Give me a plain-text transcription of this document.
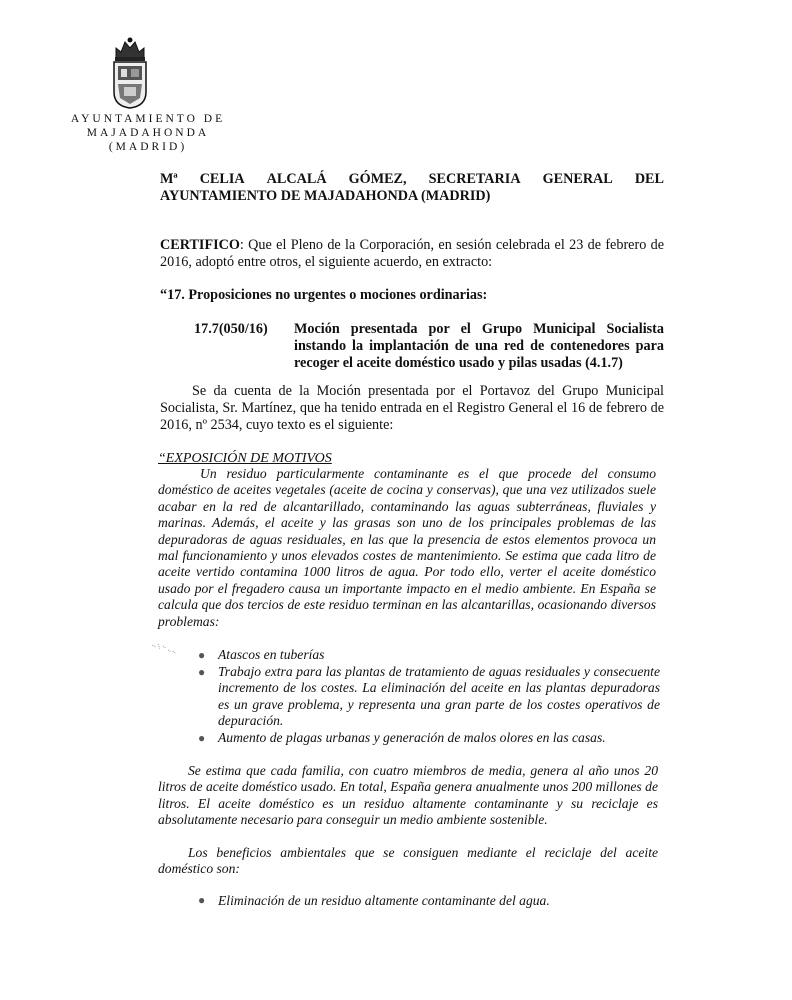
AYUNTAMIENTO DE
MAJADAHONDA
(MADRID)
Mª CELIA ALCALÁ GÓMEZ, SECRETARIA GENERAL DEL
AYUNTAMIENTO DE MAJADAHONDA (MADRID)
CERTIFICO: Que el Pleno de la Corporación, en sesión celebrada el 23 de febrero de 2016, adoptó entre otros, el siguiente acuerdo, en extracto:
“17. Proposiciones no urgentes o mociones ordinarias:
17.7(050/16) Moción presentada por el Grupo Municipal Socialista instando la implantación de una red de contenedores para recoger el aceite doméstico usado y pilas usadas (4.1.7)
Se da cuenta de la Moción presentada por el Portavoz del Grupo Municipal Socialista, Sr. Martínez, que ha tenido entrada en el Registro General el 16 de febrero de 2016, nº 2534, cuyo texto es el siguiente:
“EXPOSICIÓN DE MOTIVOS
Un residuo particularmente contaminante es el que procede del consumo doméstico de aceites vegetales (aceite de cocina y conservas), que una vez utilizados suele acabar en la red de alcantarillado, contaminando las aguas subterráneas, fluviales y marinas. Además, el aceite y las grasas son uno de los principales problemas de las depuradoras de aguas residuales, en las que la presencia de estos elementos provoca un mal funcionamiento y unos elevados costes de mantenimiento. Se estima que cada litro de aceite vertido contamina 1000 litros de agua. Por todo ello, verter el aceite doméstico usado por el fregadero causa un importante impacto en el medio ambiente. En España se calcula que dos tercios de este residuo terminan en las alcantarillas, ocasionando diversos problemas:

● Atascos en tuberías

● Trabajo extra para las plantas de tratamiento de aguas residuales y consecuente incremento de los costes. La eliminación del aceite en las plantas depuradoras es un grave problema, y representa una gran parte de los costes operativos de depuración.

● Aumento de plagas urbanas y generación de malos olores en las casas.

Se estima que cada familia, con cuatro miembros de media, genera al año unos 20 litros de aceite doméstico usado. En total, España genera anualmente unos 200 millones de litros. El aceite doméstico es un residuo altamente contaminante y su reciclaje es absolutamente necesario para conseguir un medio ambiente sostenible.
Los beneficios ambientales que se consiguen mediante el reciclaje del aceite doméstico son:

● Eliminación de un residuo altamente contaminante del agua.
